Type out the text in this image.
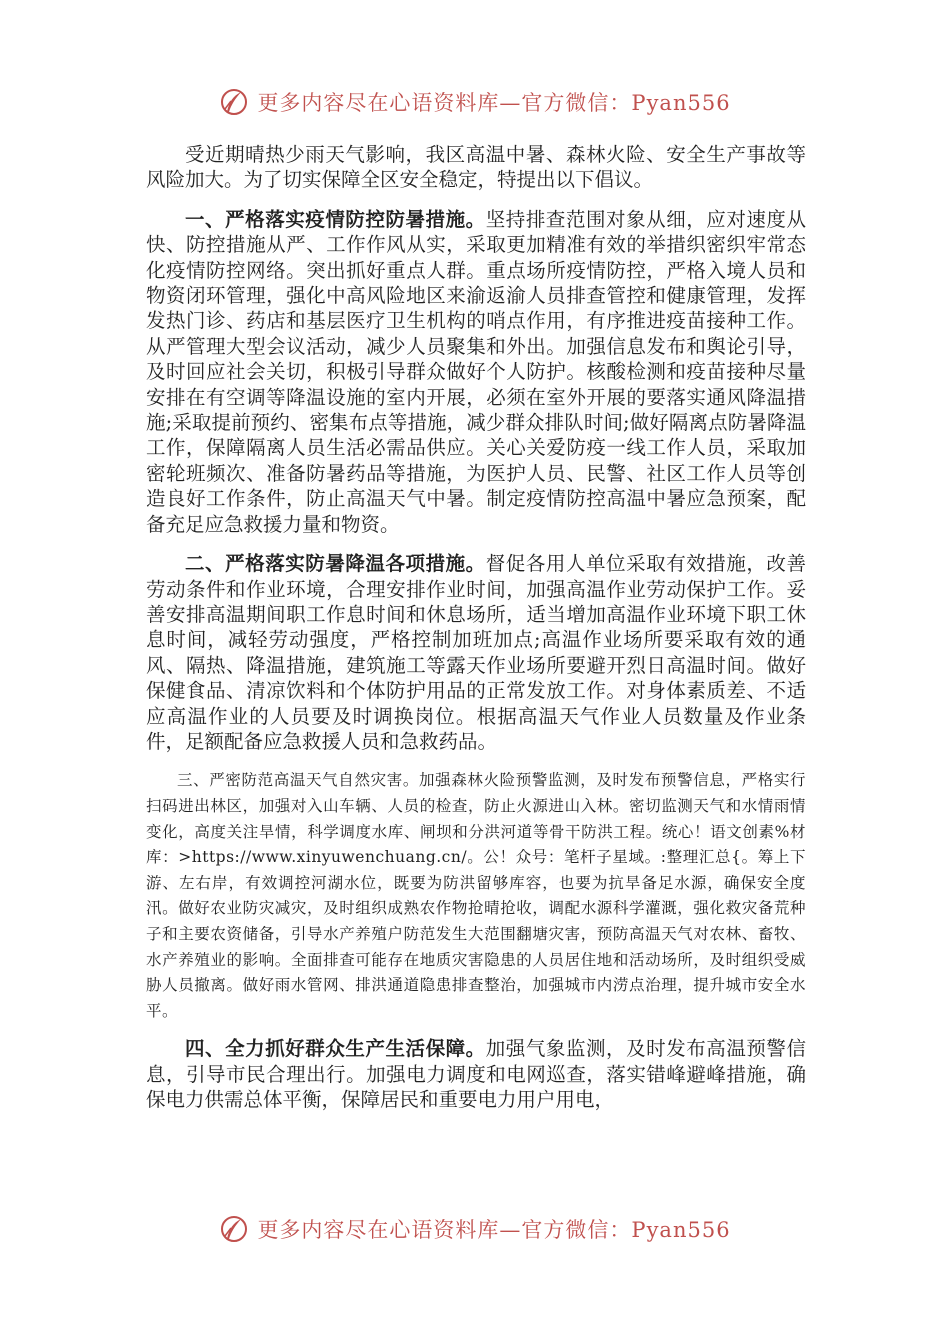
更多内容尽在心语资料库—官方微信：Pyan556

受近期晴热少雨天气影响，我区高温中暑、森林火险、安全生产事故等风险加大。为了切实保障全区安全稳定，特提出以下倡议。

一、严格落实疫情防控防暑措施。坚持排查范围对象从细，应对速度从快、防控措施从严、工作作风从实，采取更加精准有效的举措织密织牢常态化疫情防控网络。突出抓好重点人群。重点场所疫情防控，严格入境人员和物资闭环管理，强化中高风险地区来渝返渝人员排查管控和健康管理，发挥发热门诊、药店和基层医疗卫生机构的哨点作用，有序推进疫苗接种工作。从严管理大型会议活动，减少人员聚集和外出。加强信息发布和舆论引导，及时回应社会关切，积极引导群众做好个人防护。核酸检测和疫苗接种尽量安排在有空调等降温设施的室内开展，必须在室外开展的要落实通风降温措施;采取提前预约、密集布点等措施，减少群众排队时间;做好隔离点防暑降温工作，保障隔离人员生活必需品供应。关心关爱防疫一线工作人员，采取加密轮班频次、准备防暑药品等措施，为医护人员、民警、社区工作人员等创造良好工作条件，防止高温天气中暑。制定疫情防控高温中暑应急预案，配备充足应急救援力量和物资。

二、严格落实防暑降温各项措施。督促各用人单位采取有效措施，改善劳动条件和作业环境，合理安排作业时间，加强高温作业劳动保护工作。妥善安排高温期间职工作息时间和休息场所，适当增加高温作业环境下职工休息时间，减轻劳动强度，严格控制加班加点;高温作业场所要采取有效的通风、隔热、降温措施，建筑施工等露天作业场所要避开烈日高温时间。做好保健食品、清凉饮料和个体防护用品的正常发放工作。对身体素质差、不适应高温作业的人员要及时调换岗位。根据高温天气作业人员数量及作业条件，足额配备应急救援人员和急救药品。

三、严密防范高温天气自然灾害。加强森林火险预警监测，及时发布预警信息，严格实行扫码进出林区，加强对入山车辆、人员的检查，防止火源进山入林。密切监测天气和水情雨情变化，高度关注旱情，科学调度水库、闸坝和分洪河道等骨干防洪工程。统心！语文创素%材库：>https://www.xinyuwenchuang.cn/。公！众号：笔杆子星域。:整理汇总{。筹上下游、左右岸，有效调控河湖水位，既要为防洪留够库容，也要为抗旱备足水源，确保安全度汛。做好农业防灾减灾，及时组织成熟农作物抢晴抢收，调配水源科学灌溉，强化救灾备荒种子和主要农资储备，引导水产养殖户防范发生大范围翻塘灾害，预防高温天气对农林、畜牧、水产养殖业的影响。全面排查可能存在地质灾害隐患的人员居住地和活动场所，及时组织受威胁人员撤离。做好雨水管网、排洪通道隐患排查整治，加强城市内涝点治理，提升城市安全水平。

四、全力抓好群众生产生活保障。加强气象监测，及时发布高温预警信息，引导市民合理出行。加强电力调度和电网巡查，落实错峰避峰措施，确保电力供需总体平衡，保障居民和重要电力用户用电，

更多内容尽在心语资料库—官方微信：Pyan556
